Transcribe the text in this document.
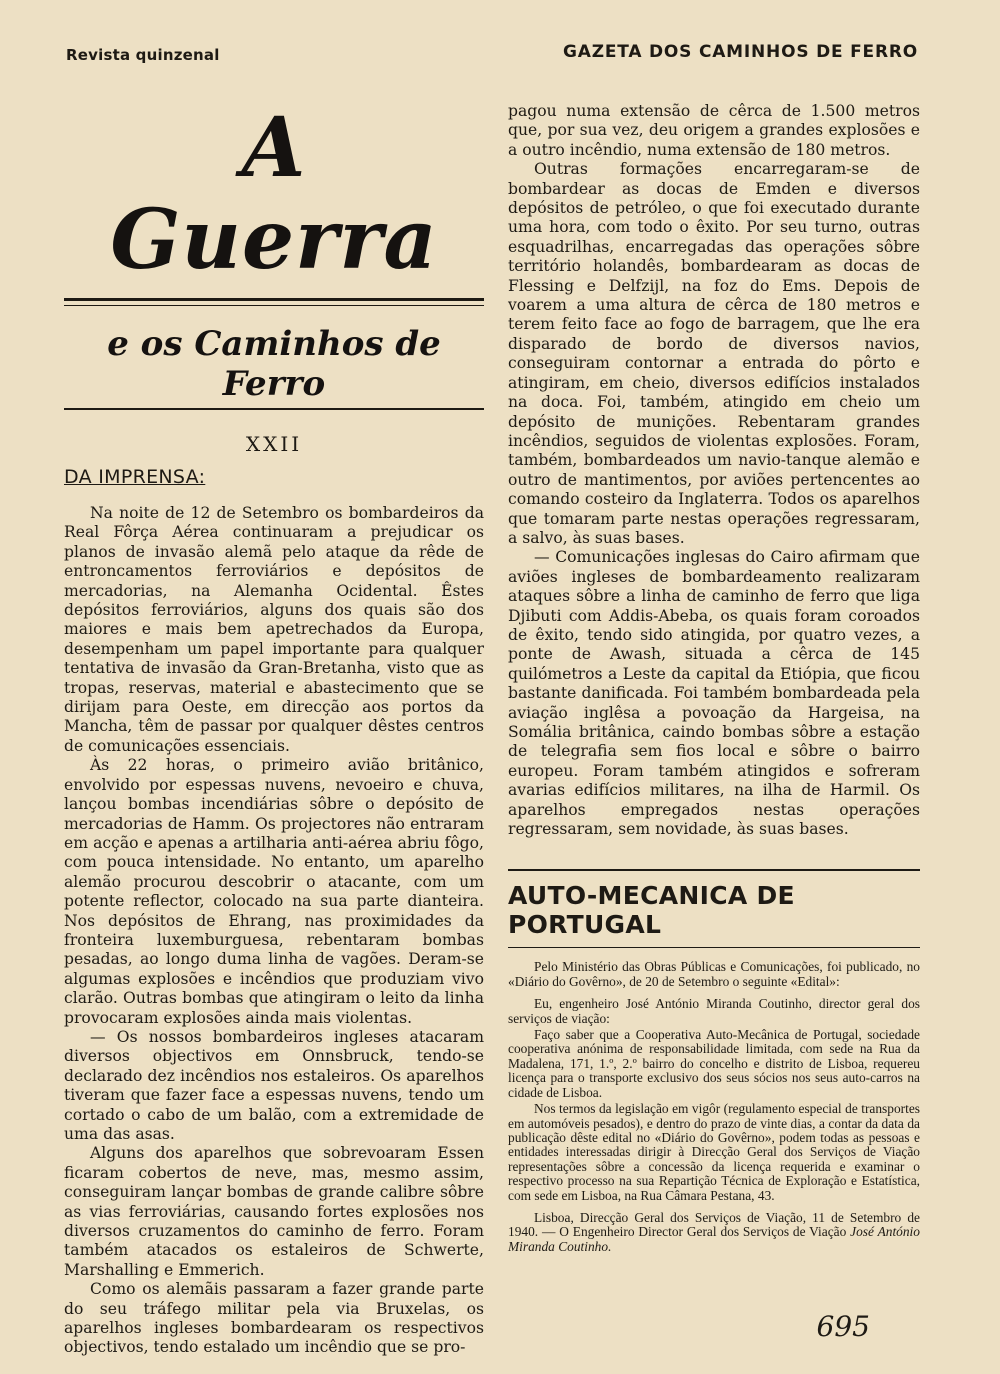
Revista quinzenal	GAZETA DOS CAMINHOS DE FERRO
A Guerra
e os Caminhos de Ferro
XXII
DA IMPRENSA:

Na noite de 12 de Setembro os bombardeiros da Real Fôrça Aérea continuaram a prejudicar os planos de invasão alemã pelo ataque da rêde de entroncamentos ferroviários e depósitos de mercadorias, na Alemanha Ocidental. Êstes depósitos ferroviários, alguns dos quais são dos maiores e mais bem apetrechados da Europa, desempenham um papel importante para qualquer tentativa de invasão da Gran-Bretanha, visto que as tropas, reservas, material e abastecimento que se dirijam para Oeste, em direcção aos portos da Mancha, têm de passar por qualquer dêstes centros de comunicações essenciais.

Às 22 horas, o primeiro avião britânico, envolvido por espessas nuvens, nevoeiro e chuva, lançou bombas incendiárias sôbre o depósito de mercadorias de Hamm. Os projectores não entraram em acção e apenas a artilharia anti-aérea abriu fôgo, com pouca intensidade. No entanto, um aparelho alemão procurou descobrir o atacante, com um potente reflector, colocado na sua parte dianteira. Nos depósitos de Ehrang, nas proximidades da fronteira luxemburguesa, rebentaram bombas pesadas, ao longo duma linha de vagões. Deram-se algumas explosões e incêndios que produziam vivo clarão. Outras bombas que atingiram o leito da linha provocaram explosões ainda mais violentas.

— Os nossos bombardeiros ingleses atacaram diversos objectivos em Onnsbruck, tendo-se declarado dez incêndios nos estaleiros. Os aparelhos tiveram que fazer face a espessas nuvens, tendo um cortado o cabo de um balão, com a extremidade de uma das asas.

Alguns dos aparelhos que sobrevoaram Essen ficaram cobertos de neve, mas, mesmo assim, conseguiram lançar bombas de grande calibre sôbre as vias ferroviárias, causando fortes explosões nos diversos cruzamentos do caminho de ferro. Foram também atacados os estaleiros de Schwerte, Marshalling e Emmerich.

Como os alemãis passaram a fazer grande parte do seu tráfego militar pela via Bruxelas, os aparelhos ingleses bombardearam os respectivos objectivos, tendo estalado um incêndio que se pro-

pagou numa extensão de cêrca de 1.500 metros que, por sua vez, deu origem a grandes explosões e a outro incêndio, numa extensão de 180 metros.

Outras formações encarregaram-se de bombardear as docas de Emden e diversos depósitos de petróleo, o que foi executado durante uma hora, com todo o êxito. Por seu turno, outras esquadrilhas, encarregadas das operações sôbre território holandês, bombardearam as docas de Flessing e Delfzijl, na foz do Ems. Depois de voarem a uma altura de cêrca de 180 metros e terem feito face ao fogo de barragem, que lhe era disparado de bordo de diversos navios, conseguiram contornar a entrada do pôrto e atingiram, em cheio, diversos edifícios instalados na doca. Foi, também, atingido em cheio um depósito de munições. Rebentaram grandes incêndios, seguidos de violentas explosões. Foram, também, bombardeados um navio-tanque alemão e outro de mantimentos, por aviões pertencentes ao comando costeiro da Inglaterra. Todos os aparelhos que tomaram parte nestas operações regressaram, a salvo, às suas bases.

— Comunicações inglesas do Cairo afirmam que aviões ingleses de bombardeamento realizaram ataques sôbre a linha de caminho de ferro que liga Djibuti com Addis-Abeba, os quais foram coroados de êxito, tendo sido atingida, por quatro vezes, a ponte de Awash, situada a cêrca de 145 quilómetros a Leste da capital da Etiópia, que ficou bastante danificada. Foi também bombardeada pela aviação inglêsa a povoação da Hargeisa, na Somália britânica, caindo bombas sôbre a estação de telegrafia sem fios local e sôbre o bairro europeu. Foram também atingidos e sofreram avarias edifícios militares, na ilha de Harmil. Os aparelhos empregados nestas operações regressaram, sem novidade, às suas bases.

AUTO-MECANICA DE PORTUGAL

Pelo Ministério das Obras Públicas e Comunicações, foi publicado, no «Diário do Govêrno», de 20 de Setembro o seguinte «Edital»:

Eu, engenheiro José António Miranda Coutinho, director geral dos serviços de viação:

Faço saber que a Cooperativa Auto-Mecânica de Portugal, sociedade cooperativa anónima de responsabilidade limitada, com sede na Rua da Madalena, 171, 1.º, 2.º bairro do concelho e distrito de Lisboa, requereu licença para o transporte exclusivo dos seus sócios nos seus auto-carros na cidade de Lisboa.

Nos termos da legislação em vigôr (regulamento especial de transportes em automóveis pesados), e dentro do prazo de vinte dias, a contar da data da publicação dêste edital no «Diário do Govêrno», podem todas as pessoas e entidades interessadas dirigir à Direcção Geral dos Serviços de Viação representações sôbre a concessão da licença requerida e examinar o respectivo processo na sua Repartição Técnica de Exploração e Estatística, com sede em Lisboa, na Rua Câmara Pestana, 43.

Lisboa, Direcção Geral dos Serviços de Viação, 11 de Setembro de 1940. — O Engenheiro Director Geral dos Serviços de Viação José António Miranda Coutinho.

695
